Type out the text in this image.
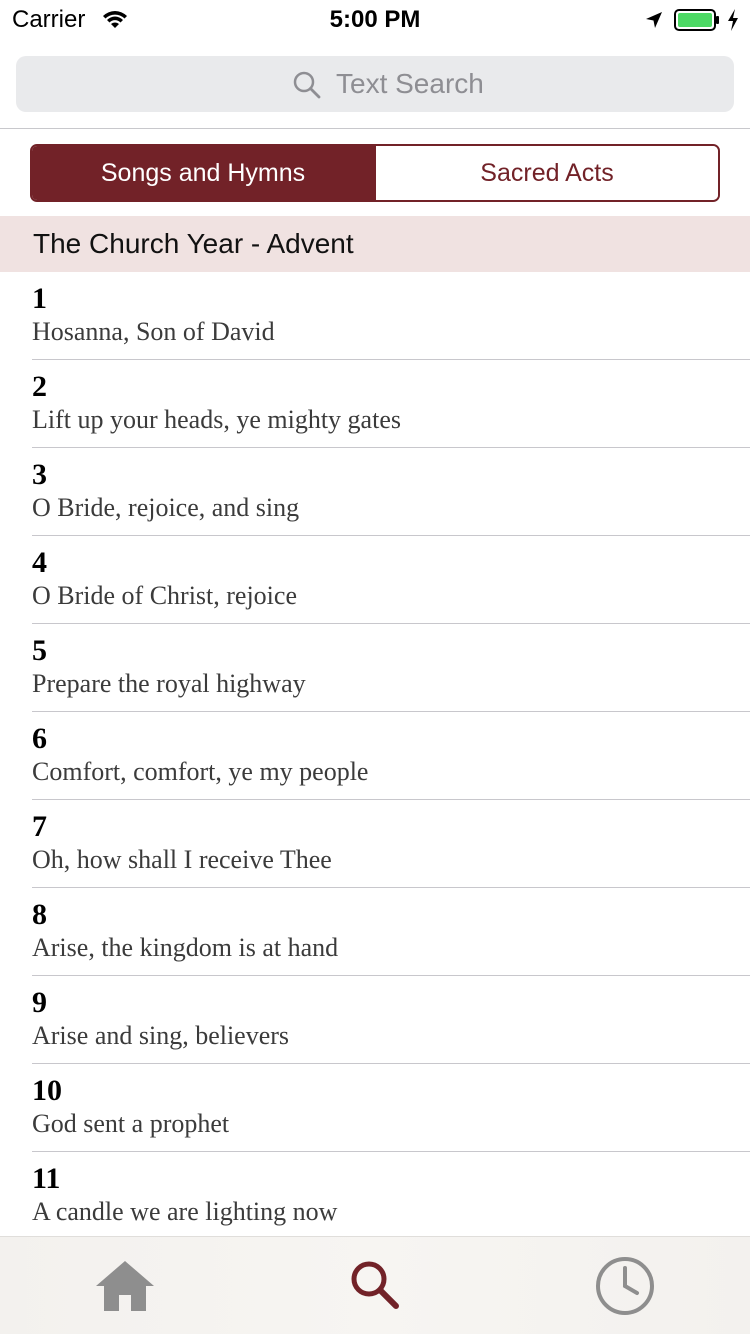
Carrier	5:00 PM
Text Search
Songs and Hymns	Sacred Acts
The Church Year - Advent
1
Hosanna, Son of David
2
Lift up your heads, ye mighty gates
3
O Bride, rejoice, and sing
4
O Bride of Christ, rejoice
5
Prepare the royal highway
6
Comfort, comfort, ye my people
7
Oh, how shall I receive Thee
8
Arise, the kingdom is at hand
9
Arise and sing, believers
10
God sent a prophet
11
A candle we are lighting now
